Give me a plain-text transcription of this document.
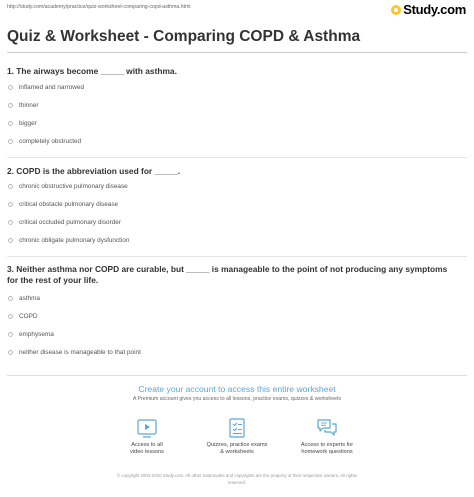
http://study.com/academy/practice/quiz-worksheet-comparing-copd-asthma.html	Study.com
Quiz & Worksheet - Comparing COPD & Asthma
1. The airways become _____ with asthma.
inflamed and narrowed
thinner
bigger
completely obstructed
2. COPD is the abbreviation used for _____.
chronic obstructive pulmonary disease
critical obstacle pulmonary disease
critical occluded pulmonary disorder
chronic obligate pulmonary dysfunction
3. Neither asthma nor COPD are curable, but _____ is manageable to the point of not producing any symptoms
for the rest of your life.
asthma
COPD
emphysema
neither disease is manageable to that point
Create your account to access this entire worksheet
A Premium account gives you access to all lessons, practice exams, quizzes & worksheets
Access to all
video lessons
Quizzes, practice exams
& worksheets
Access to experts for
homework questions
© copyright 2003-2020 Study.com. All other trademarks and copyrights are the property of their respective owners. All rights
reserved.
